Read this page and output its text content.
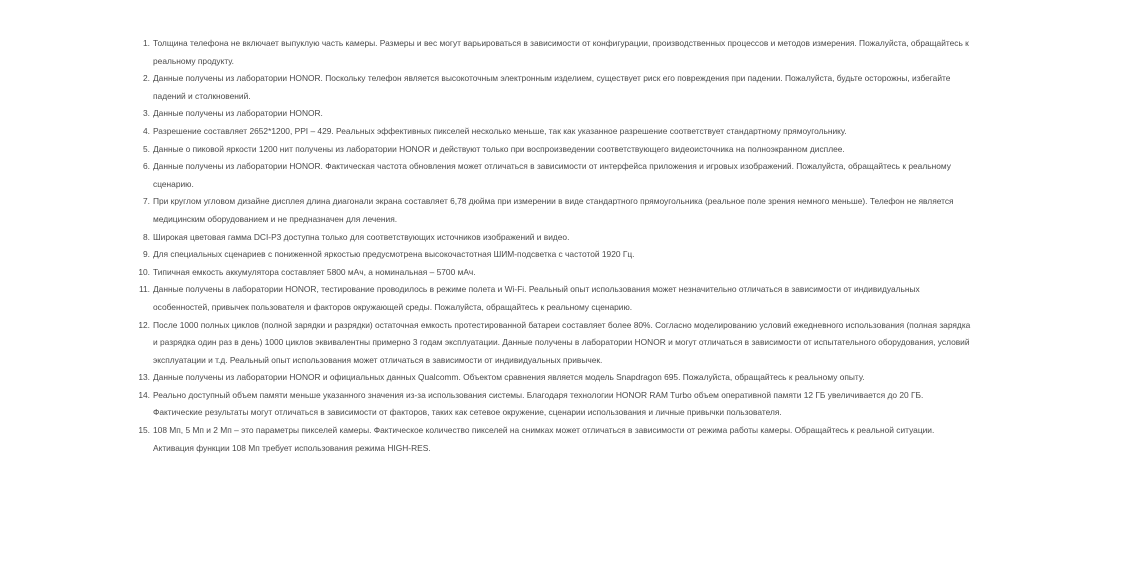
1. Толщина телефона не включает выпуклую часть камеры. Размеры и вес могут варьироваться в зависимости от конфигурации, производственных процессов и методов измерения. Пожалуйста, обращайтесь к реальному продукту.
2. Данные получены из лаборатории HONOR. Поскольку телефон является высокоточным электронным изделием, существует риск его повреждения при падении. Пожалуйста, будьте осторожны, избегайте падений и столкновений.
3. Данные получены из лаборатории HONOR.
4. Разрешение составляет 2652*1200, PPI – 429. Реальных эффективных пикселей несколько меньше, так как указанное разрешение соответствует стандартному прямоугольнику.
5. Данные о пиковой яркости 1200 нит получены из лаборатории HONOR и действуют только при воспроизведении соответствующего видеоисточника на полноэкранном дисплее.
6. Данные получены из лаборатории HONOR. Фактическая частота обновления может отличаться в зависимости от интерфейса приложения и игровых изображений. Пожалуйста, обращайтесь к реальному сценарию.
7. При круглом угловом дизайне дисплея длина диагонали экрана составляет 6,78 дюйма при измерении в виде стандартного прямоугольника (реальное поле зрения немного меньше). Телефон не является медицинским оборудованием и не предназначен для лечения.
8. Широкая цветовая гамма DCI-P3 доступна только для соответствующих источников изображений и видео.
9. Для специальных сценариев с пониженной яркостью предусмотрена высокочастотная ШИМ-подсветка с частотой 1920 Гц.
10. Типичная емкость аккумулятора составляет 5800 мАч, а номинальная – 5700 мАч.
11. Данные получены в лаборатории HONOR, тестирование проводилось в режиме полета и Wi-Fi. Реальный опыт использования может незначительно отличаться в зависимости от индивидуальных особенностей, привычек пользователя и факторов окружающей среды. Пожалуйста, обращайтесь к реальному сценарию.
12. После 1000 полных циклов (полной зарядки и разрядки) остаточная емкость протестированной батареи составляет более 80%. Согласно моделированию условий ежедневного использования (полная зарядка и разрядка один раз в день) 1000 циклов эквивалентны примерно 3 годам эксплуатации. Данные получены в лаборатории HONOR и могут отличаться в зависимости от испытательного оборудования, условий эксплуатации и т.д. Реальный опыт использования может отличаться в зависимости от индивидуальных привычек.
13. Данные получены из лаборатории HONOR и официальных данных Qualcomm. Объектом сравнения является модель Snapdragon 695. Пожалуйста, обращайтесь к реальному опыту.
14. Реально доступный объем памяти меньше указанного значения из-за использования системы. Благодаря технологии HONOR RAM Turbo объем оперативной памяти 12 ГБ увеличивается до 20 ГБ. Фактические результаты могут отличаться в зависимости от факторов, таких как сетевое окружение, сценарии использования и личные привычки пользователя.
15. 108 Мп, 5 Мп и 2 Мп – это параметры пикселей камеры. Фактическое количество пикселей на снимках может отличаться в зависимости от режима работы камеры. Обращайтесь к реальной ситуации. Активация функции 108 Мп требует использования режима HIGH-RES.
